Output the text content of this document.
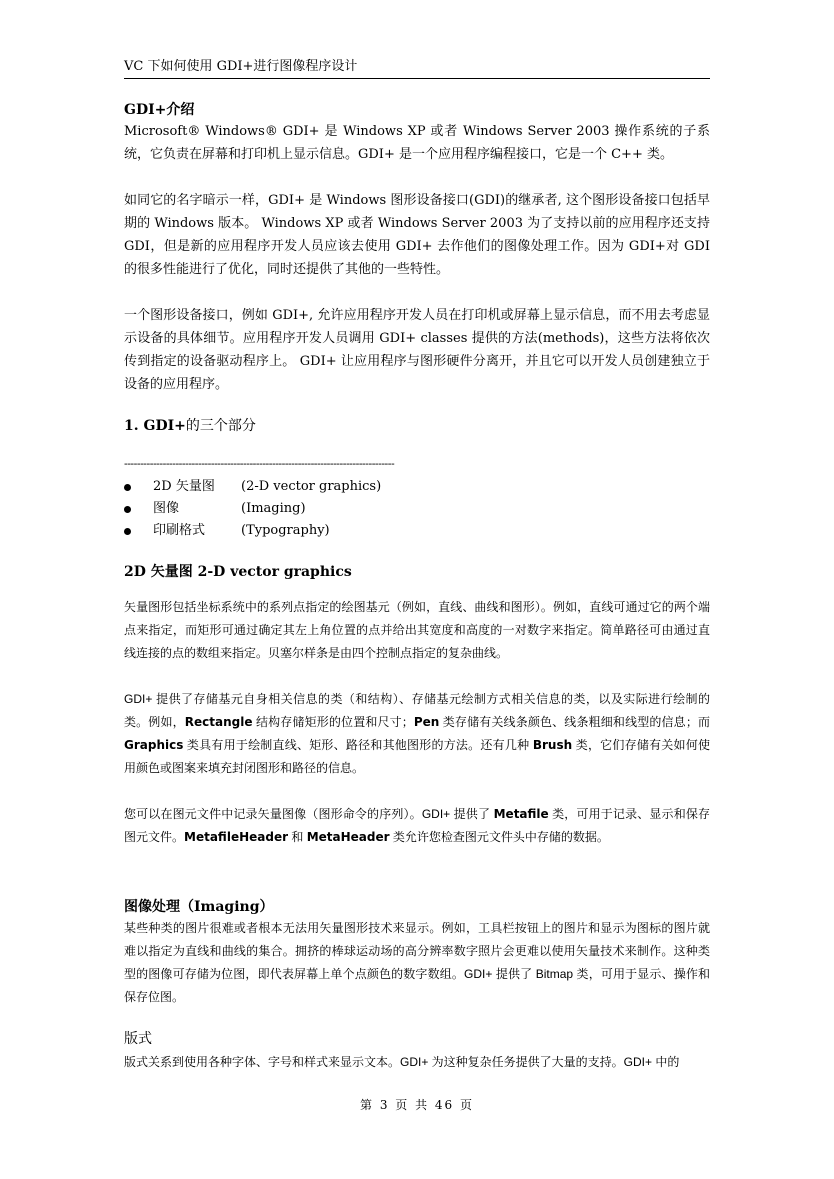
VC 下如何使用 GDI+进行图像程序设计
GDI+介绍

Microsoft® Windows® GDI+ 是 Windows XP 或者 Windows Server 2003 操作系统的子系统，它负责在屏幕和打印机上显示信息。GDI+ 是一个应用程序编程接口，它是一个 C++ 类。

如同它的名字暗示一样，GDI+ 是 Windows 图形设备接口(GDI)的继承者, 这个图形设备接口包括早期的 Windows 版本。 Windows XP 或者 Windows Server 2003 为了支持以前的应用程序还支持 GDI，但是新的应用程序开发人员应该去使用 GDI+ 去作他们的图像处理工作。因为 GDI+对 GDI 的很多性能进行了优化，同时还提供了其他的一些特性。

一个图形设备接口，例如 GDI+, 允许应用程序开发人员在打印机或屏幕上显示信息，而不用去考虑显示设备的具体细节。应用程序开发人员调用 GDI+ classes 提供的方法(methods)，这些方法将依次传到指定的设备驱动程序上。 GDI+ 让应用程序与图形硬件分离开，并且它可以开发人员创建独立于设备的应用程序。

1. GDI+的三个部分
------------------------------------------------------------------------------------
2D 矢量图	(2-D vector graphics)
图像	(Imaging)
印刷格式	(Typography)
2D 矢量图 2-D vector graphics

矢量图形包括坐标系统中的系列点指定的绘图基元（例如，直线、曲线和图形）。例如，直线可通过它的两个端点来指定，而矩形可通过确定其左上角位置的点并给出其宽度和高度的一对数字来指定。简单路径可由通过直线连接的点的数组来指定。贝塞尔样条是由四个控制点指定的复杂曲线。

GDI+ 提供了存储基元自身相关信息的类（和结构）、存储基元绘制方式相关信息的类，以及实际进行绘制的类。例如，Rectangle 结构存储矩形的位置和尺寸；Pen 类存储有关线条颜色、线条粗细和线型的信息；而 Graphics 类具有用于绘制直线、矩形、路径和其他图形的方法。还有几种 Brush 类，它们存储有关如何使用颜色或图案来填充封闭图形和路径的信息。

您可以在图元文件中记录矢量图像（图形命令的序列）。GDI+ 提供了 Metafile 类，可用于记录、显示和保存图元文件。MetafileHeader 和 MetaHeader 类允许您检查图元文件头中存储的数据。

图像处理（Imaging）

某些种类的图片很难或者根本无法用矢量图形技术来显示。例如，工具栏按钮上的图片和显示为图标的图片就难以指定为直线和曲线的集合。拥挤的棒球运动场的高分辨率数字照片会更难以使用矢量技术来制作。这种类型的图像可存储为位图，即代表屏幕上单个点颜色的数字数组。GDI+ 提供了 Bitmap 类，可用于显示、操作和保存位图。

版式

版式关系到使用各种字体、字号和样式来显示文本。GDI+ 为这种复杂任务提供了大量的支持。GDI+ 中的

第 3 页 共 46 页
